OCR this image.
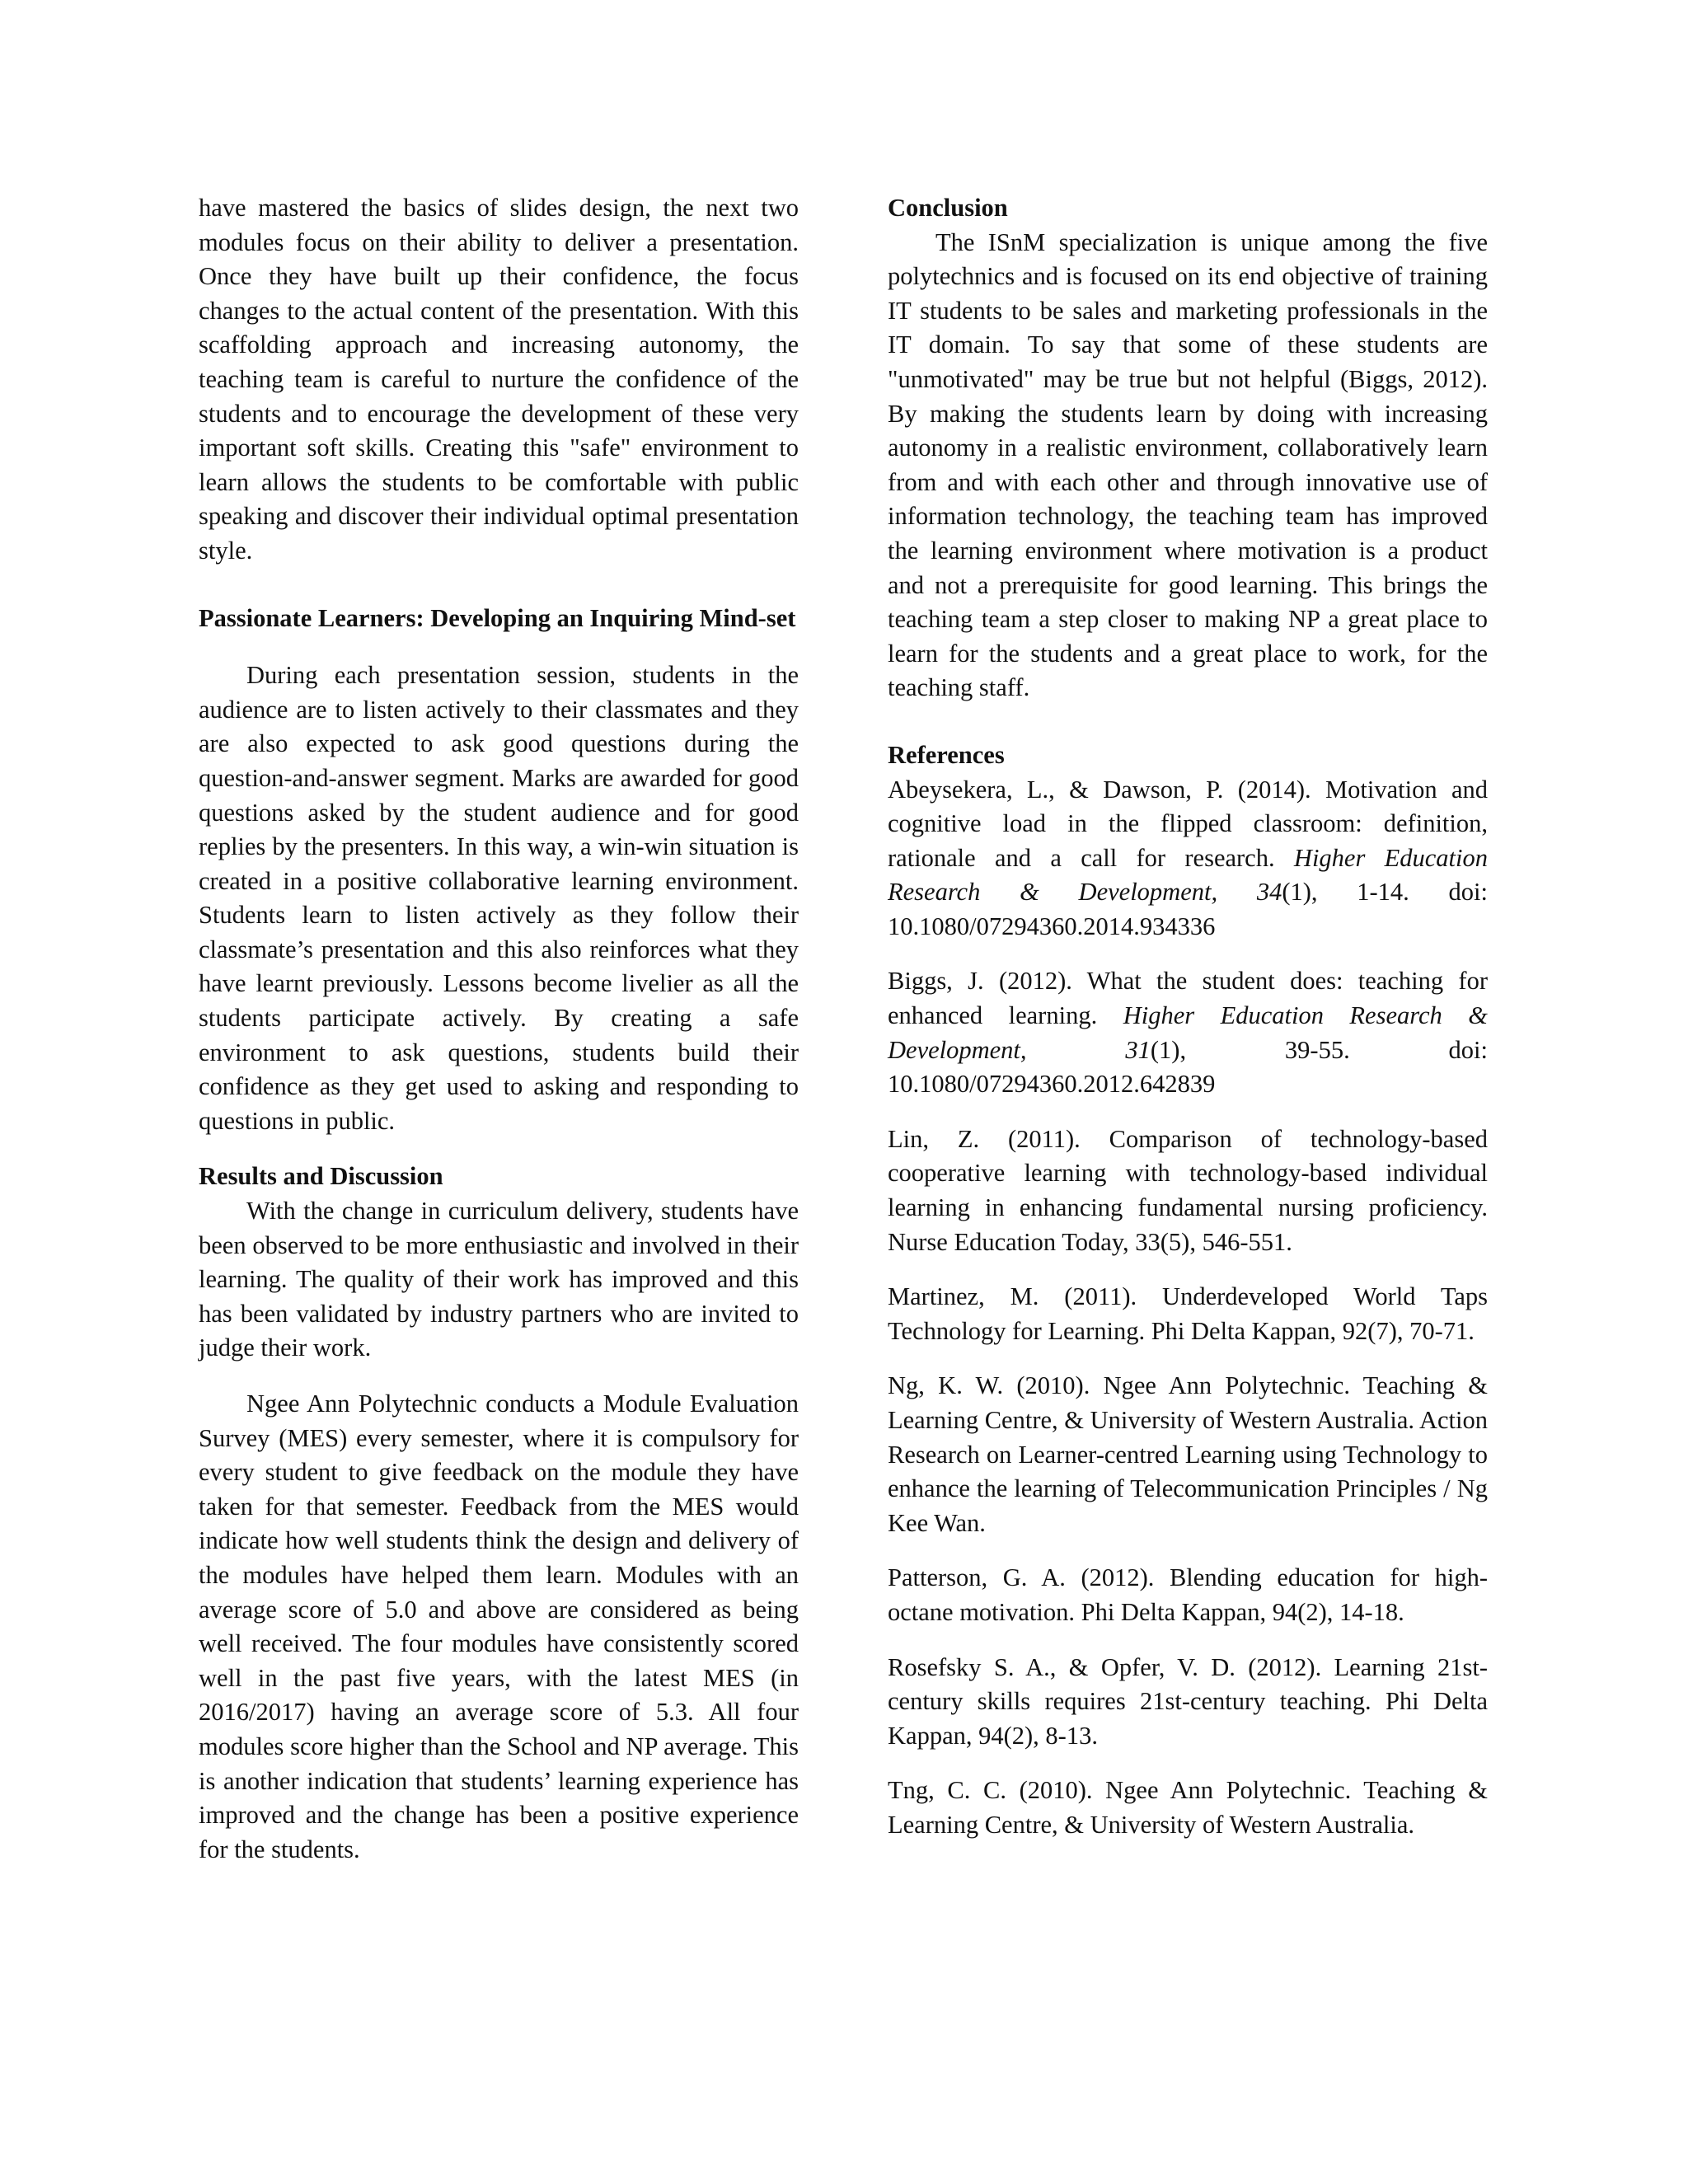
have mastered the basics of slides design, the next two modules focus on their ability to deliver a presentation. Once they have built up their confidence, the focus changes to the actual content of the presentation. With this scaffolding approach and increasing autonomy, the teaching team is careful to nurture the confidence of the students and to encourage the development of these very important soft skills. Creating this "safe" environment to learn allows the students to be comfortable with public speaking and discover their individual optimal presentation style.

Passionate Learners: Developing an Inquiring Mind-set

During each presentation session, students in the audience are to listen actively to their classmates and they are also expected to ask good questions during the question-and-answer segment. Marks are awarded for good questions asked by the student audience and for good replies by the presenters. In this way, a win-win situation is created in a positive collaborative learning environment. Students learn to listen actively as they follow their classmate’s presentation and this also reinforces what they have learnt previously. Lessons become livelier as all the students participate actively. By creating a safe environment to ask questions, students build their confidence as they get used to asking and responding to questions in public.

Results and Discussion

With the change in curriculum delivery, students have been observed to be more enthusiastic and involved in their learning. The quality of their work has improved and this has been validated by industry partners who are invited to judge their work.

Ngee Ann Polytechnic conducts a Module Evaluation Survey (MES) every semester, where it is compulsory for every student to give feedback on the module they have taken for that semester. Feedback from the MES would indicate how well students think the design and delivery of the modules have helped them learn. Modules with an average score of 5.0 and above are considered as being well received. The four modules have consistently scored well in the past five years, with the latest MES (in 2016/2017) having an average score of 5.3. All four modules score higher than the School and NP average. This is another indication that students’ learning experience has improved and the change has been a positive experience for the students.

Conclusion

The ISnM specialization is unique among the five polytechnics and is focused on its end objective of training IT students to be sales and marketing professionals in the IT domain. To say that some of these students are "unmotivated" may be true but not helpful (Biggs, 2012). By making the students learn by doing with increasing autonomy in a realistic environment, collaboratively learn from and with each other and through innovative use of information technology, the teaching team has improved the learning environment where motivation is a product and not a prerequisite for good learning. This brings the teaching team a step closer to making NP a great place to learn for the students and a great place to work, for the teaching staff.

References

Abeysekera, L., & Dawson, P. (2014). Motivation and cognitive load in the flipped classroom: definition, rationale and a call for research. Higher Education Research & Development, 34(1), 1-14. doi: 10.1080/07294360.2014.934336

Biggs, J. (2012). What the student does: teaching for enhanced learning. Higher Education Research & Development, 31(1), 39-55. doi: 10.1080/07294360.2012.642839

Lin, Z. (2011). Comparison of technology-based cooperative learning with technology-based individual learning in enhancing fundamental nursing proficiency. Nurse Education Today, 33(5), 546-551.

Martinez, M. (2011). Underdeveloped World Taps Technology for Learning. Phi Delta Kappan, 92(7), 70-71.

Ng, K. W. (2010). Ngee Ann Polytechnic. Teaching & Learning Centre, & University of Western Australia. Action Research on Learner-centred Learning using Technology to enhance the learning of Telecommunication Principles / Ng Kee Wan.

Patterson, G. A. (2012). Blending education for high-octane motivation. Phi Delta Kappan, 94(2), 14-18.

Rosefsky S. A., & Opfer, V. D. (2012). Learning 21st-century skills requires 21st-century teaching. Phi Delta Kappan, 94(2), 8-13.

Tng, C. C. (2010). Ngee Ann Polytechnic. Teaching & Learning Centre, & University of Western Australia.
